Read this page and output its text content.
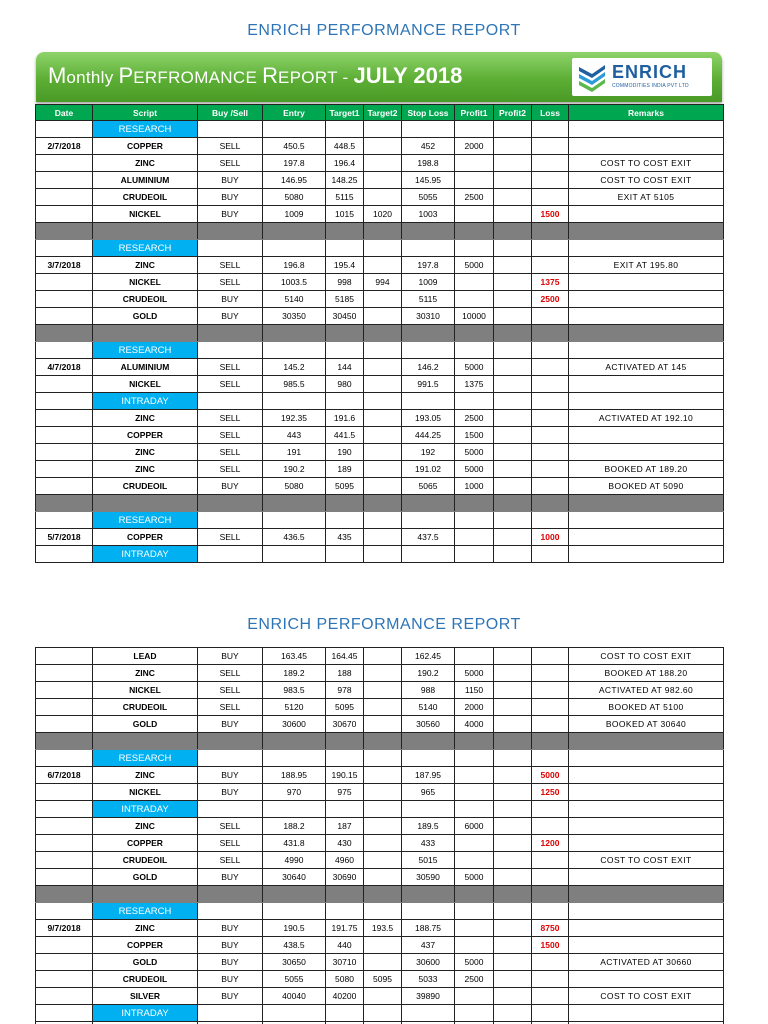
ENRICH PERFORMANCE REPORT
Monthly PERFROMANCE REPORT - JULY 2018	ENRICH
COMMODITIES INDIA PVT LTD
Date	Script	Buy /Sell	Entry	Target1	Target2	Stop Loss	Profit1	Profit2	Loss	Remarks
	RESEARCH									
2/7/2018	COPPER	SELL	450.5	448.5		452	2000			
	ZINC	SELL	197.8	196.4		198.8				COST TO COST EXIT
	ALUMINIUM	BUY	146.95	148.25		145.95				COST TO COST EXIT
	CRUDEOIL	BUY	5080	5115		5055	2500			EXIT AT 5105
	NICKEL	BUY	1009	1015	1020	1003			1500	

	RESEARCH									
3/7/2018	ZINC	SELL	196.8	195.4		197.8	5000			EXIT AT 195.80
	NICKEL	SELL	1003.5	998	994	1009			1375	
	CRUDEOIL	BUY	5140	5185		5115			2500	
	GOLD	BUY	30350	30450		30310	10000			

	RESEARCH									
4/7/2018	ALUMINIUM	SELL	145.2	144		146.2	5000			ACTIVATED AT 145
	NICKEL	SELL	985.5	980		991.5	1375			
	INTRADAY									
	ZINC	SELL	192.35	191.6		193.05	2500			ACTIVATED AT 192.10
	COPPER	SELL	443	441.5		444.25	1500			
	ZINC	SELL	191	190		192	5000			
	ZINC	SELL	190.2	189		191.02	5000			BOOKED AT 189.20
	CRUDEOIL	BUY	5080	5095		5065	1000			BOOKED AT 5090

	RESEARCH									
5/7/2018	COPPER	SELL	436.5	435		437.5			1000	
	INTRADAY									
ENRICH PERFORMANCE REPORT
	LEAD	BUY	163.45	164.45		162.45				COST TO COST EXIT
	ZINC	SELL	189.2	188		190.2	5000			BOOKED AT 188.20
	NICKEL	SELL	983.5	978		988	1150			ACTIVATED AT 982.60
	CRUDEOIL	SELL	5120	5095		5140	2000			BOOKED AT 5100
	GOLD	BUY	30600	30670		30560	4000			BOOKED AT 30640

	RESEARCH									
6/7/2018	ZINC	BUY	188.95	190.15		187.95			5000	
	NICKEL	BUY	970	975		965			1250	
	INTRADAY									
	ZINC	SELL	188.2	187		189.5	6000			
	COPPER	SELL	431.8	430		433			1200	
	CRUDEOIL	SELL	4990	4960		5015				COST TO COST EXIT
	GOLD	BUY	30640	30690		30590	5000			

	RESEARCH									
9/7/2018	ZINC	BUY	190.5	191.75	193.5	188.75			8750	
	COPPER	BUY	438.5	440		437			1500	
	GOLD	BUY	30650	30710		30600	5000			ACTIVATED AT 30660
	CRUDEOIL	BUY	5055	5080	5095	5033	2500			
	SILVER	BUY	40040	40200		39890				COST TO COST EXIT
	INTRADAY									
